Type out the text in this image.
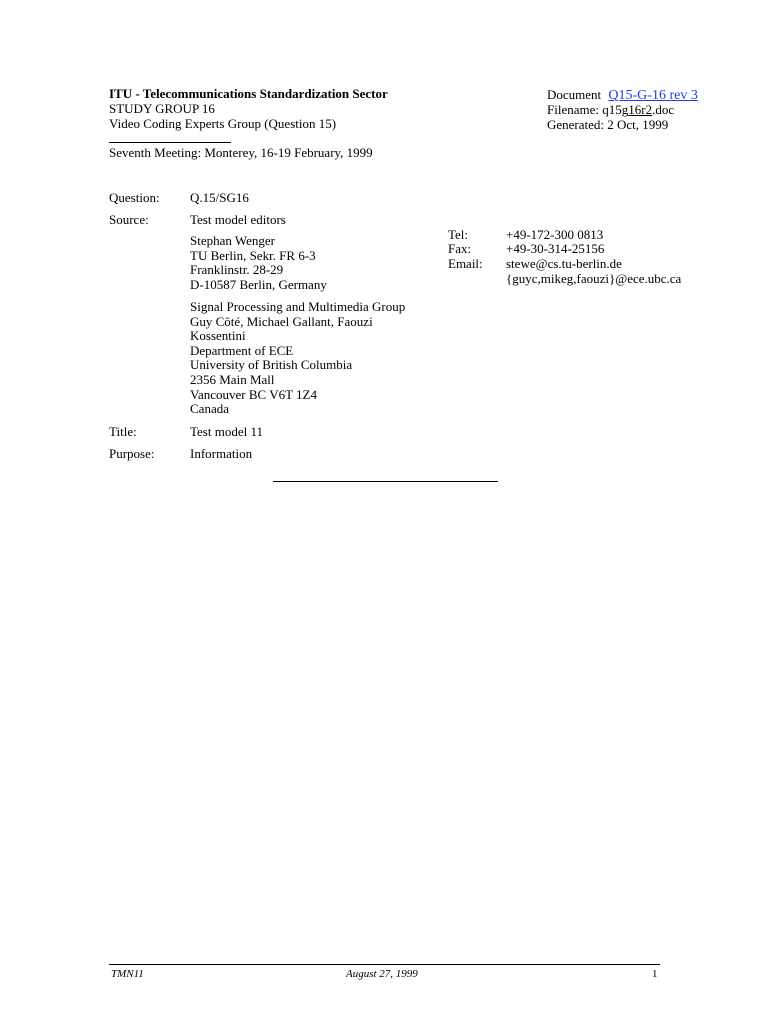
ITU - Telecommunications Standardization Sector
STUDY GROUP 16
Video Coding Experts Group (Question 15)
Seventh Meeting: Monterey, 16-19 February, 1999
Document Q15-G-16 rev 3
Filename: q15g16r2.doc
Generated: 2 Oct, 1999
Question: Q.15/SG16
Source:	Test model editors
Stephan Wenger
TU Berlin, Sekr. FR 6-3
Franklinstr. 28-29
D-10587 Berlin, Germany
Signal Processing and Multimedia Group
Guy Côté, Michael Gallant, Faouzi
Kossentini
Department of ECE
University of British Columbia
2356 Main Mall
Vancouver BC V6T 1Z4
Canada
Tel:	+49-172-300 0813
Fax:	+49-30-314-25156
Email: stewe@cs.tu-berlin.de
{guyc,mikeg,faouzi}@ece.ubc.ca
Title:	Test model 11
Purpose:	Information
TMN11	August 27, 1999	1
